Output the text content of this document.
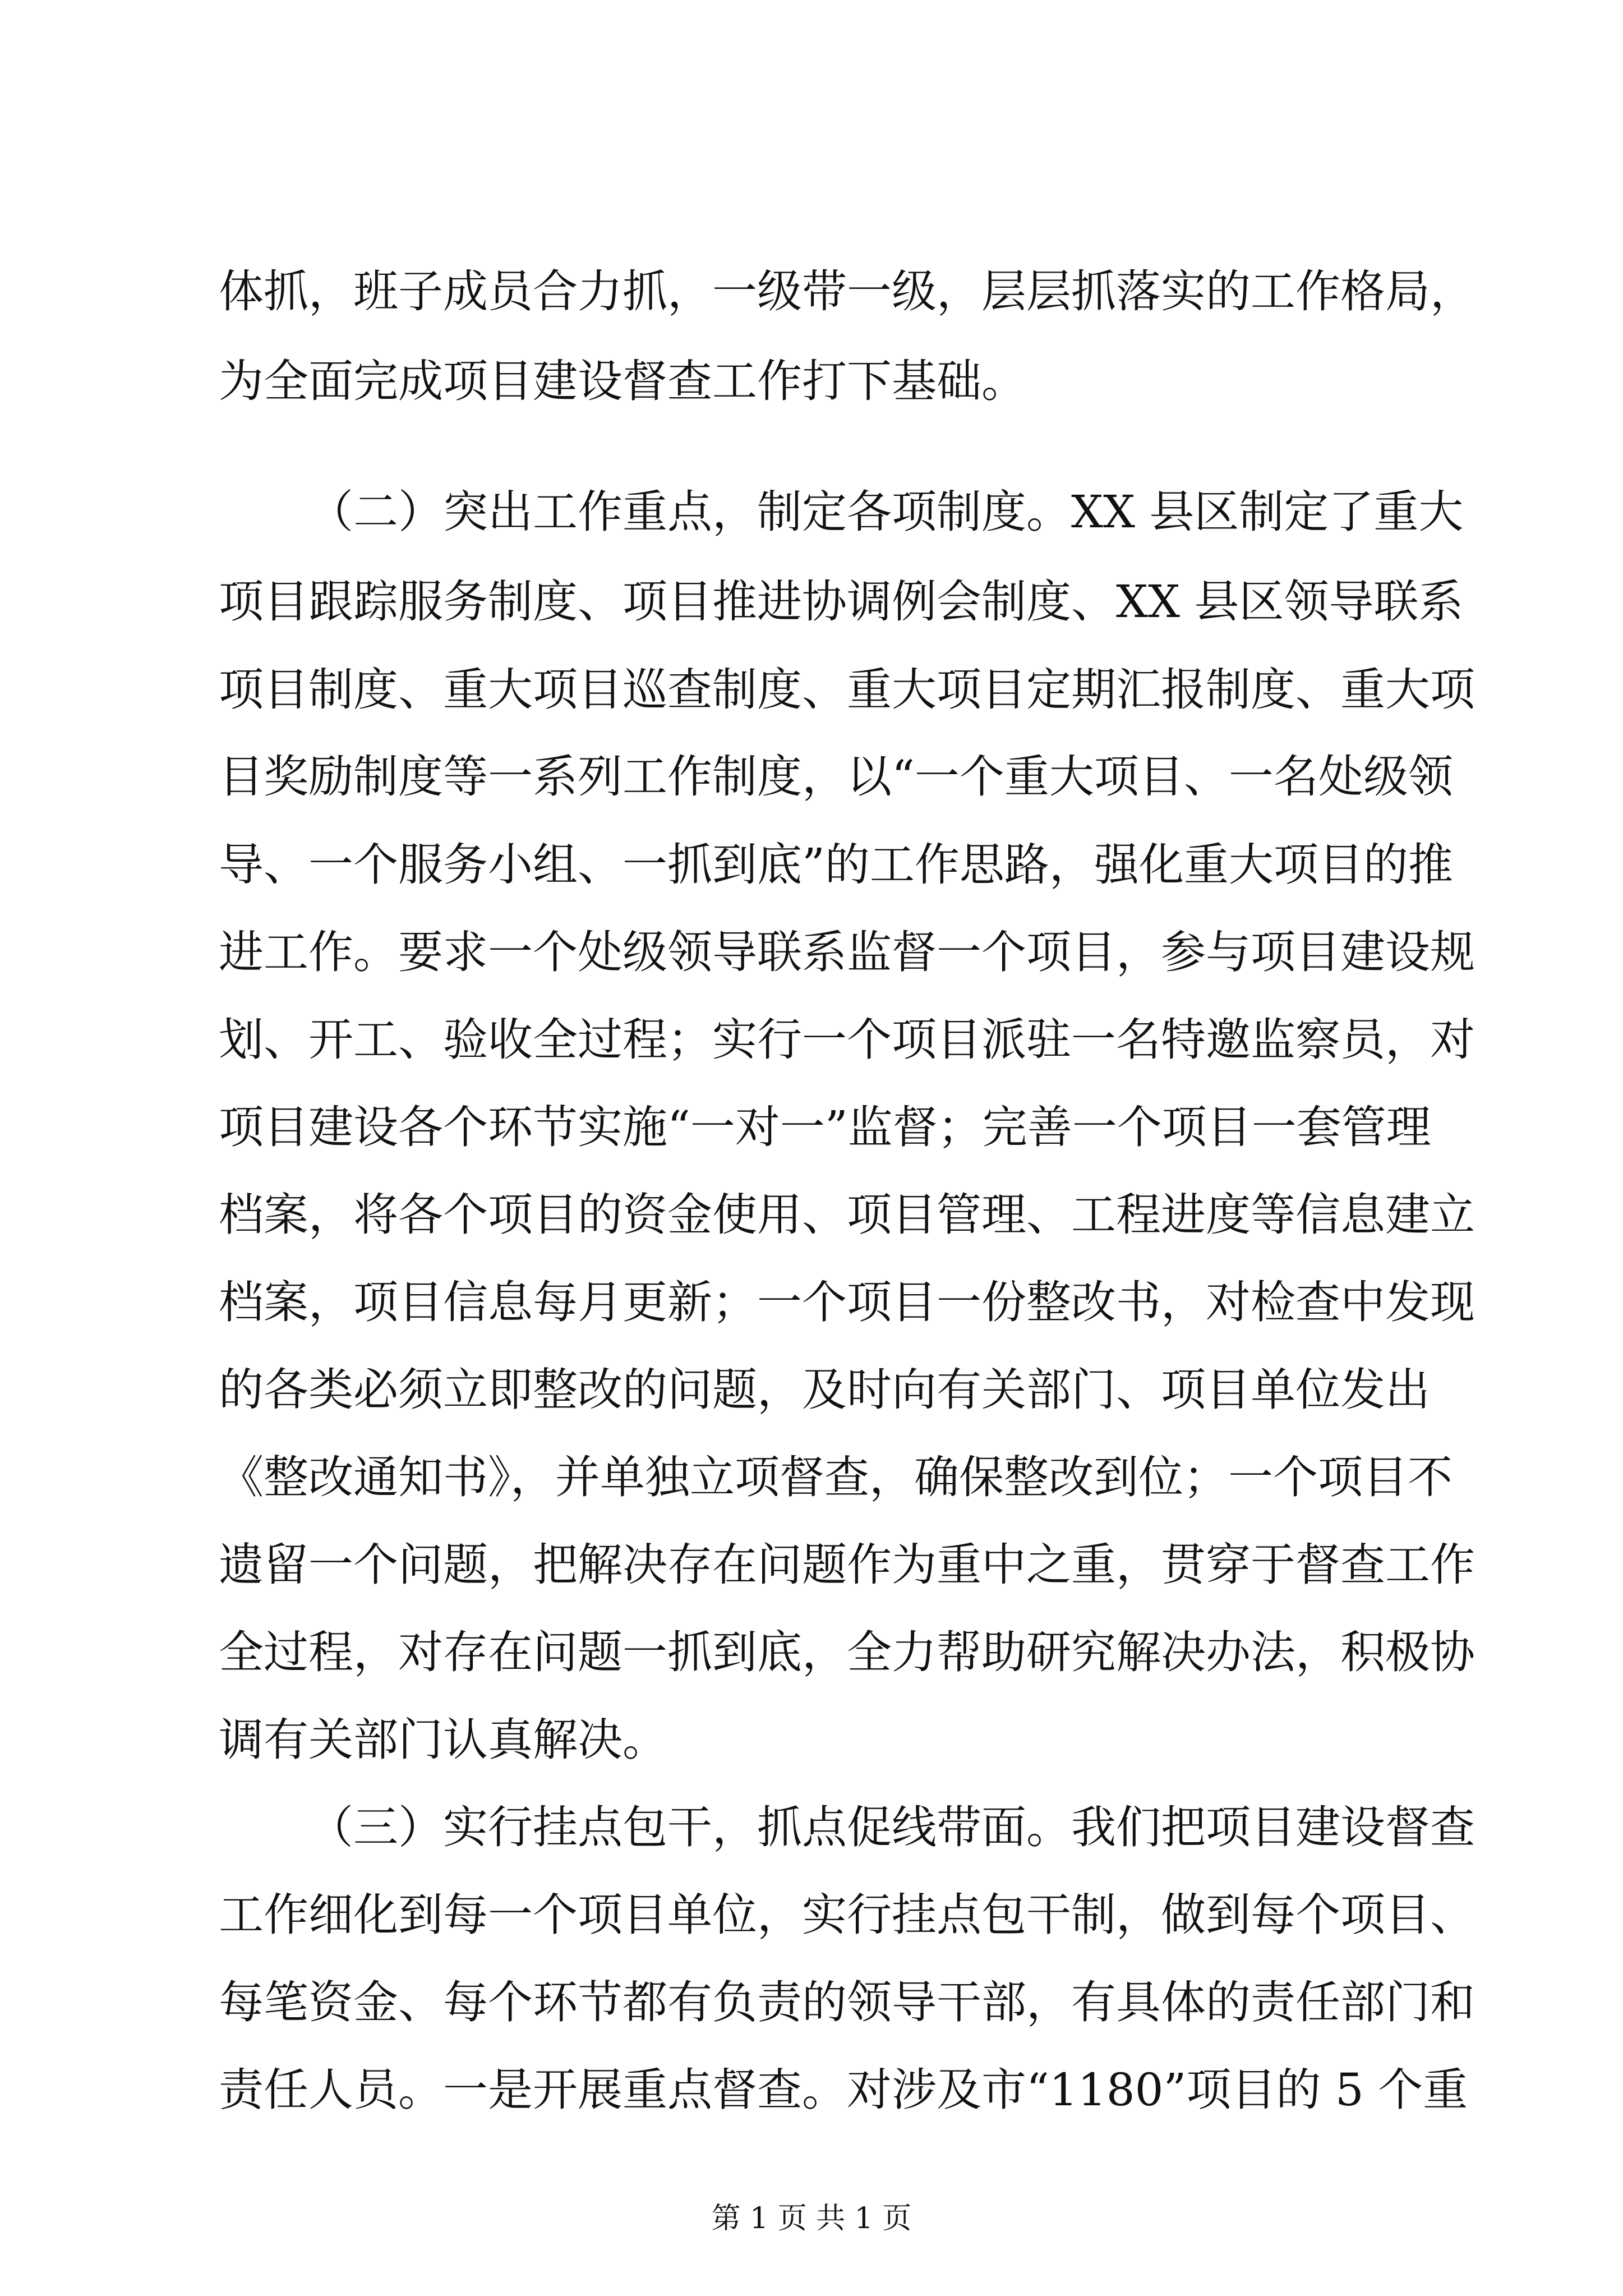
体抓，班子成员合力抓，一级带一级，层层抓落实的工作格局，
为全面完成项目建设督查工作打下基础。
（二）突出工作重点，制定各项制度。XX 县区制定了重大
项目跟踪服务制度、项目推进协调例会制度、XX 县区领导联系
项目制度、重大项目巡查制度、重大项目定期汇报制度、重大项
目奖励制度等一系列工作制度，以“一个重大项目、一名处级领
导、一个服务小组、一抓到底”的工作思路，强化重大项目的推
进工作。要求一个处级领导联系监督一个项目，参与项目建设规
划、开工、验收全过程；实行一个项目派驻一名特邀监察员，对
项目建设各个环节实施“一对一”监督；完善一个项目一套管理
档案，将各个项目的资金使用、项目管理、工程进度等信息建立
档案，项目信息每月更新；一个项目一份整改书，对检查中发现
的各类必须立即整改的问题，及时向有关部门、项目单位发出
《整改通知书》，并单独立项督查，确保整改到位；一个项目不
遗留一个问题，把解决存在问题作为重中之重，贯穿于督查工作
全过程，对存在问题一抓到底，全力帮助研究解决办法，积极协
调有关部门认真解决。
（三）实行挂点包干，抓点促线带面。我们把项目建设督查
工作细化到每一个项目单位，实行挂点包干制，做到每个项目、
每笔资金、每个环节都有负责的领导干部，有具体的责任部门和
责任人员。一是开展重点督查。对涉及市“1180”项目的 5 个重
第 1 页 共 1 页
